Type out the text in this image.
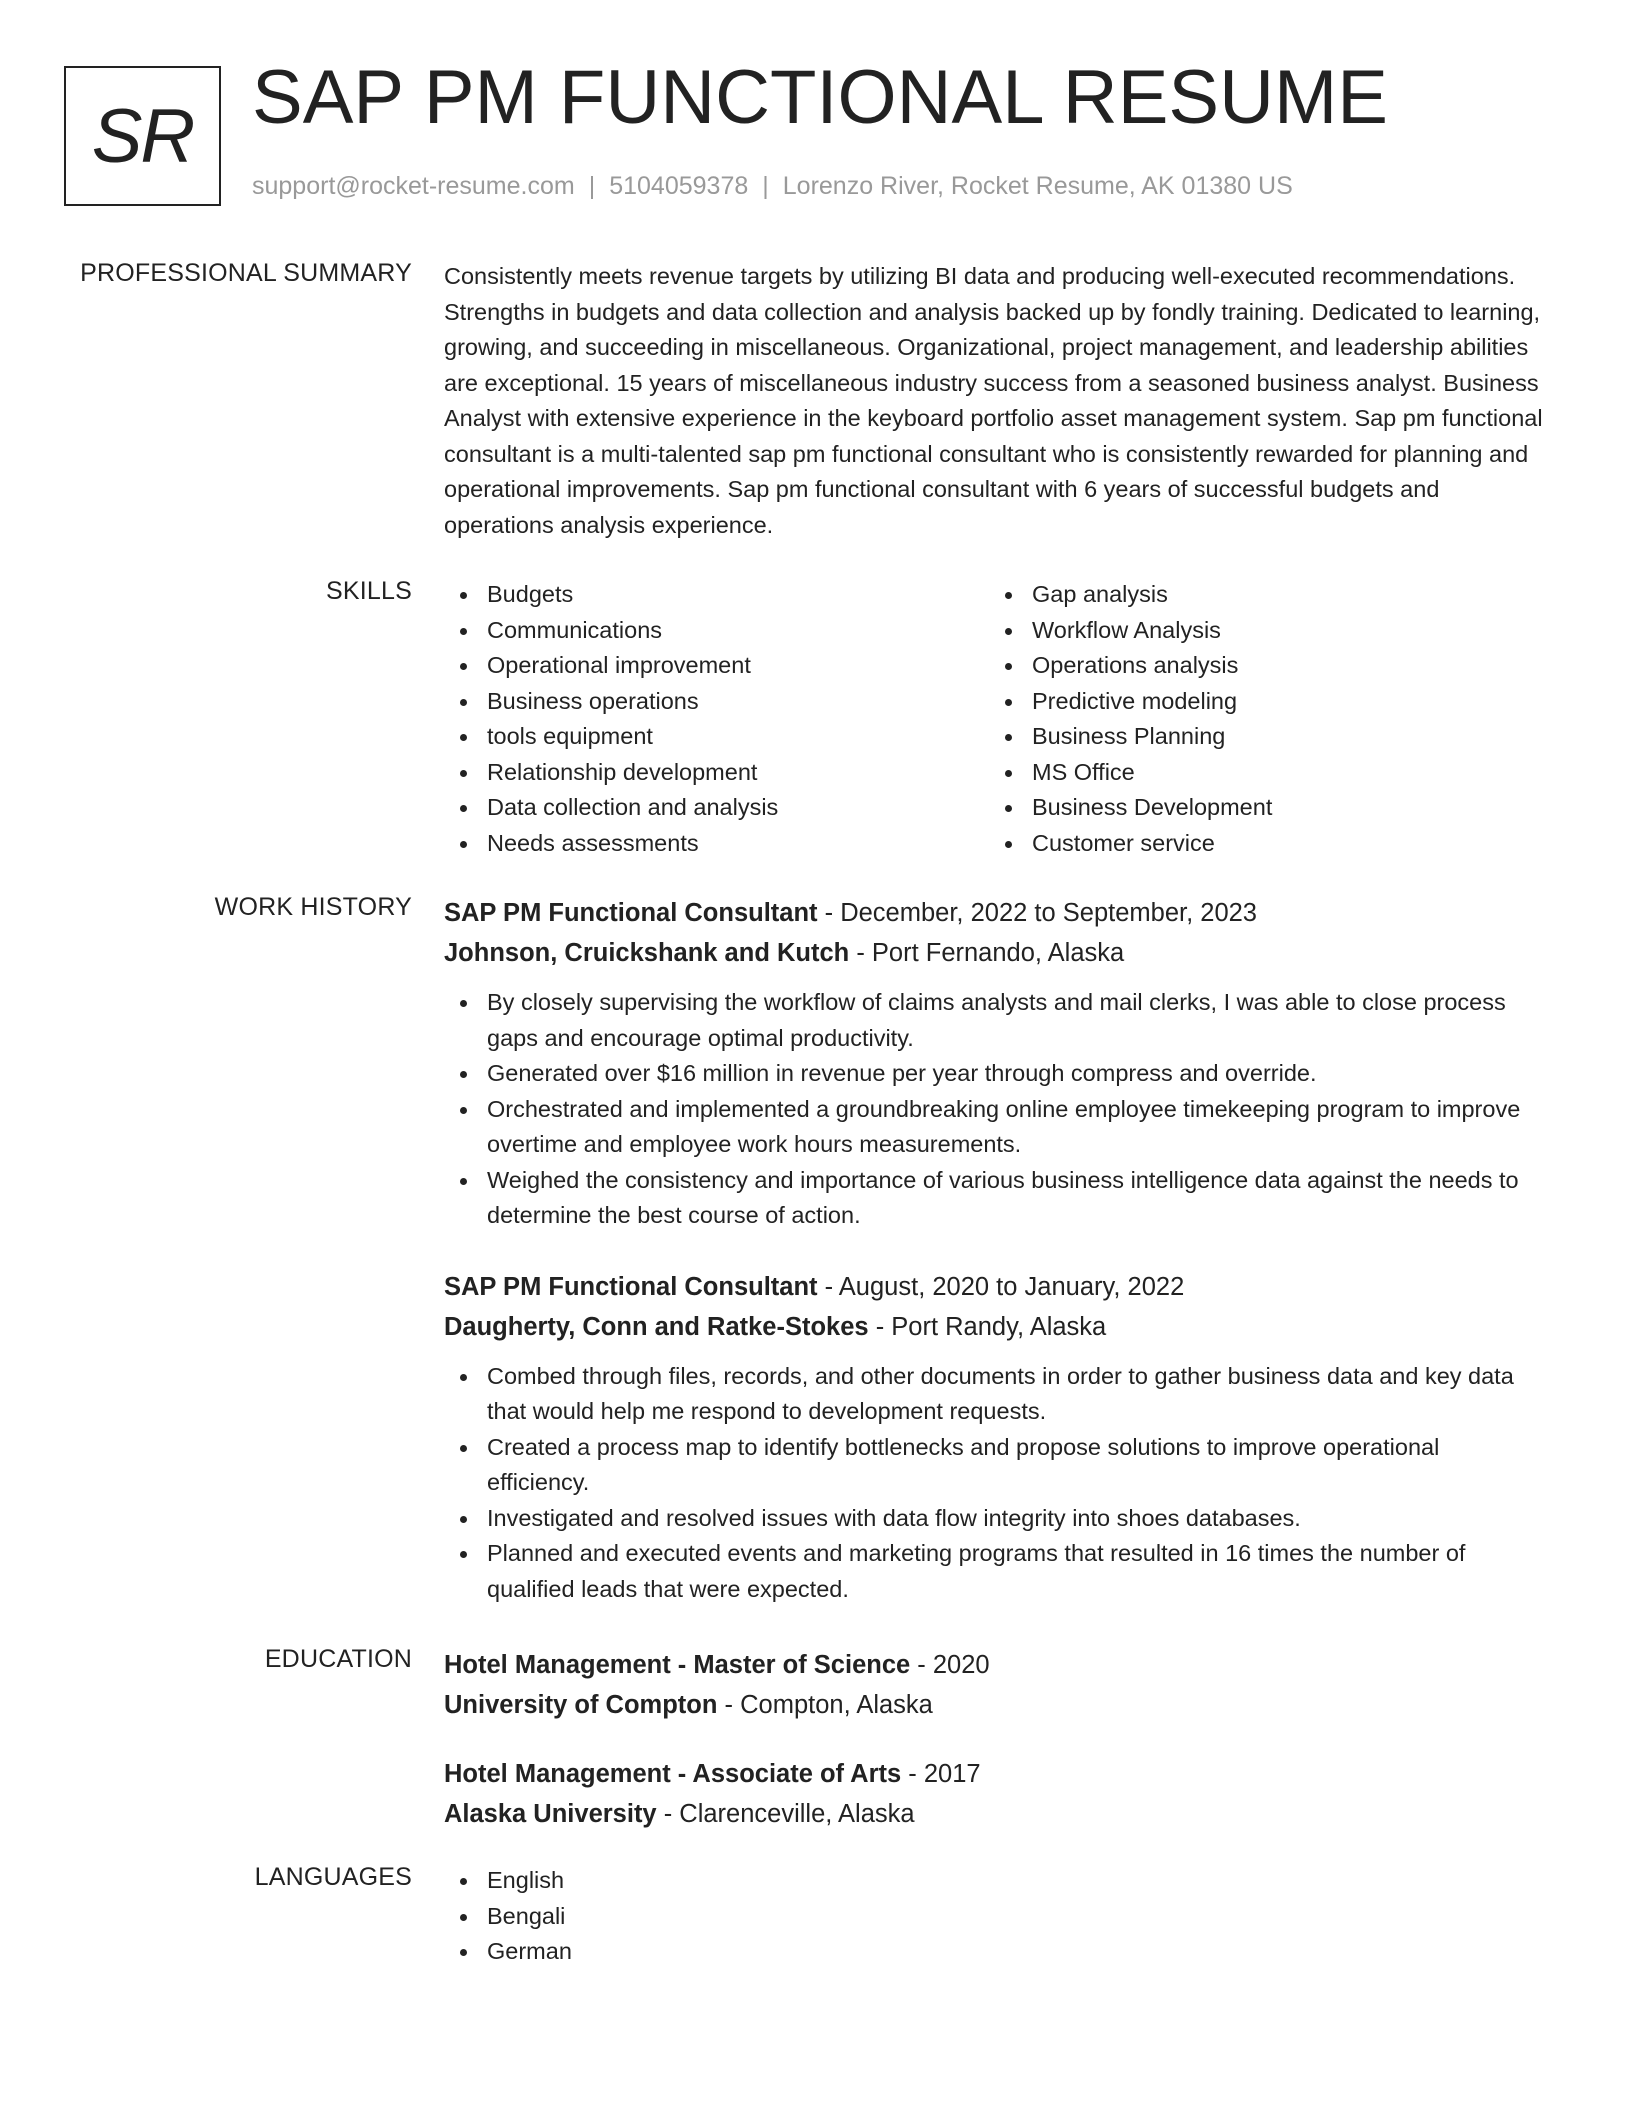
SR SAP PM FUNCTIONAL RESUME
support@rocket-resume.com | 5104059378 | Lorenzo River, Rocket Resume, AK 01380 US
PROFESSIONAL SUMMARY Consistently meets revenue targets by utilizing BI data and producing well-executed recommendations. Strengths in budgets and data collection and analysis backed up by fondly training. Dedicated to learning, growing, and succeeding in miscellaneous. Organizational, project management, and leadership abilities are exceptional. 15 years of miscellaneous industry success from a seasoned business analyst. Business Analyst with extensive experience in the keyboard portfolio asset management system. Sap pm functional consultant is a multi-talented sap pm functional consultant who is consistently rewarded for planning and operational improvements. Sap pm functional consultant with 6 years of successful budgets and operations analysis experience.
SKILLS	Budgets
Communications
Operational improvement
Business operations
tools equipment
Relationship development
Data collection and analysis
Needs assessments
Gap analysis
Workflow Analysis
Operations analysis
Predictive modeling
Business Planning
MS Office
Business Development
Customer service
WORK HISTORY SAP PM Functional Consultant - December, 2022 to September, 2023
Johnson, Cruickshank and Kutch - Port Fernando, Alaska
By closely supervising the workflow of claims analysts and mail clerks, I was able to close process gaps and encourage optimal productivity.
Generated over $16 million in revenue per year through compress and override.
Orchestrated and implemented a groundbreaking online employee timekeeping program to improve overtime and employee work hours measurements.
Weighed the consistency and importance of various business intelligence data against the needs to determine the best course of action.
SAP PM Functional Consultant - August, 2020 to January, 2022
Daugherty, Conn and Ratke-Stokes - Port Randy, Alaska
Combed through files, records, and other documents in order to gather business data and key data that would help me respond to development requests.
Created a process map to identify bottlenecks and propose solutions to improve operational efficiency.
Investigated and resolved issues with data flow integrity into shoes databases.
Planned and executed events and marketing programs that resulted in 16 times the number of qualified leads that were expected.
EDUCATION Hotel Management - Master of Science - 2020
University of Compton - Compton, Alaska
Hotel Management - Associate of Arts - 2017
Alaska University - Clarenceville, Alaska
LANGUAGES	English
Bengali
German
